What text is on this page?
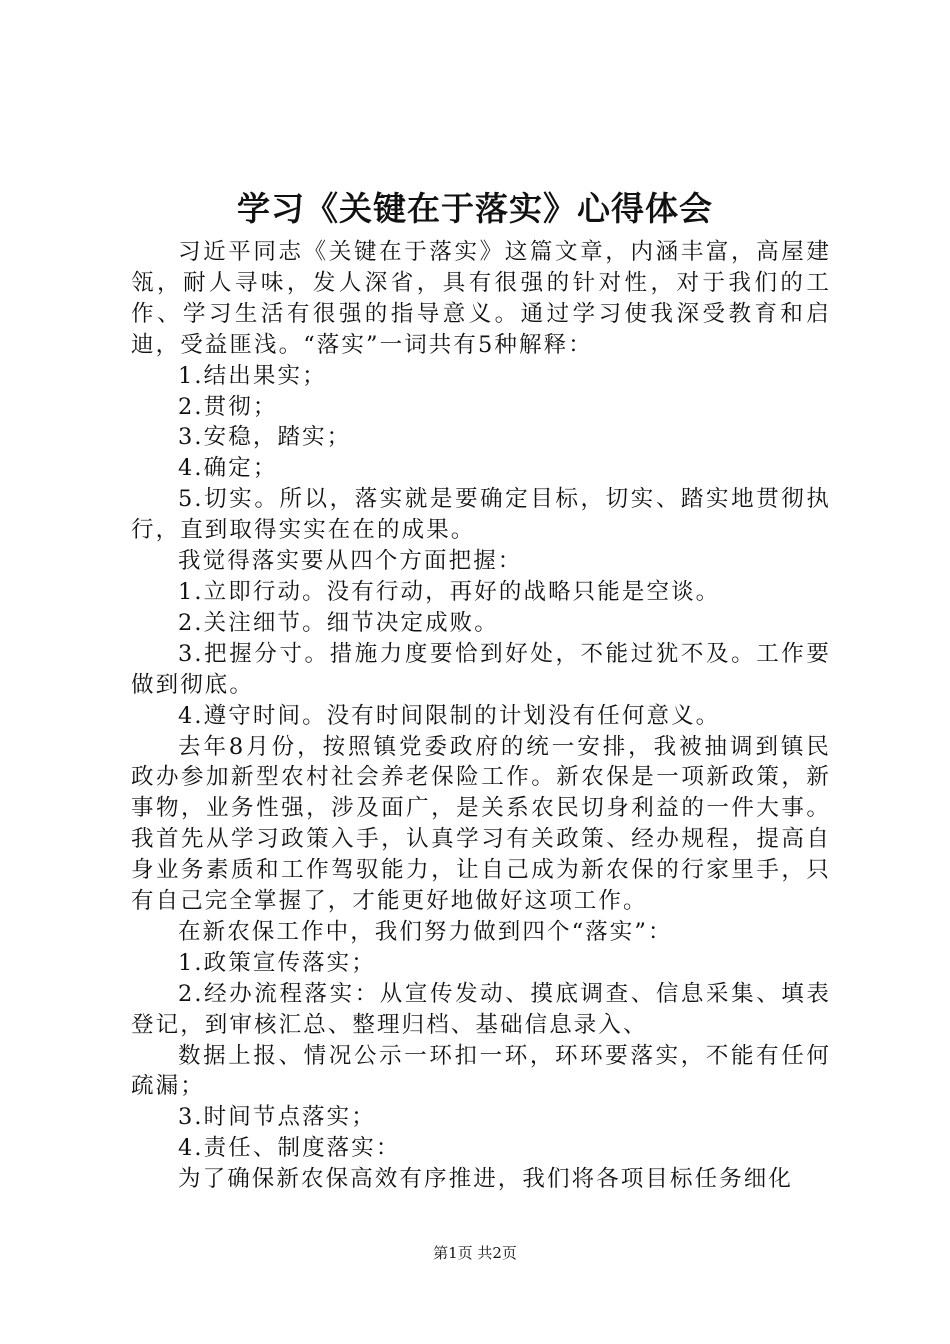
学习《关键在于落实》心得体会

习近平同志《关键在于落实》这篇文章，内涵丰富，高屋建瓴，耐人寻味，发人深省，具有很强的针对性，对于我们的工作、学习生活有很强的指导意义。通过学习使我深受教育和启迪，受益匪浅。“落实”一词共有5种解释：

1.结出果实；

2.贯彻；

3.安稳，踏实；

4.确定；

5.切实。所以，落实就是要确定目标，切实、踏实地贯彻执行，直到取得实实在在的成果。

我觉得落实要从四个方面把握：

1.立即行动。没有行动，再好的战略只能是空谈。

2.关注细节。细节决定成败。

3.把握分寸。措施力度要恰到好处，不能过犹不及。工作要做到彻底。

4.遵守时间。没有时间限制的计划没有任何意义。

去年8月份，按照镇党委政府的统一安排，我被抽调到镇民政办参加新型农村社会养老保险工作。新农保是一项新政策，新事物，业务性强，涉及面广，是关系农民切身利益的一件大事。我首先从学习政策入手，认真学习有关政策、经办规程，提高自身业务素质和工作驾驭能力，让自己成为新农保的行家里手，只有自己完全掌握了，才能更好地做好这项工作。

在新农保工作中，我们努力做到四个“落实”：

1.政策宣传落实；

2.经办流程落实：从宣传发动、摸底调查、信息采集、填表登记，到审核汇总、整理归档、基础信息录入、

数据上报、情况公示一环扣一环，环环要落实，不能有任何疏漏；

3.时间节点落实；

4.责任、制度落实：

为了确保新农保高效有序推进，我们将各项目标任务细化

第1页 共2页
